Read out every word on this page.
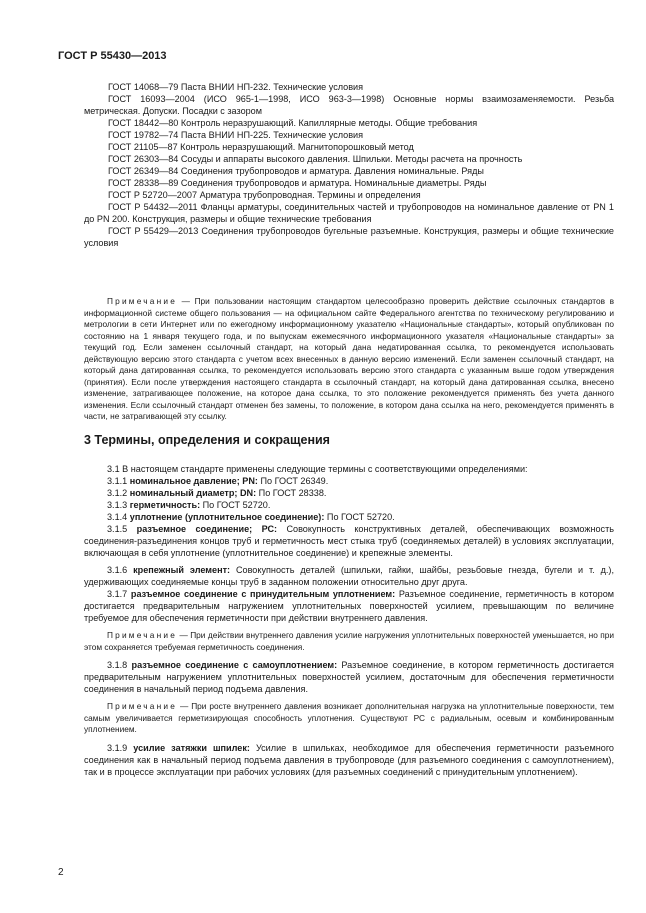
ГОСТ Р 55430—2013

ГОСТ 14068—79 Паста ВНИИ НП-232. Технические условия

ГОСТ 16093—2004 (ИСО 965-1—1998, ИСО 963-3—1998) Основные нормы взаимозаменяемости. Резьба метрическая. Допуски. Посадки с зазором

ГОСТ 18442—80 Контроль неразрушающий. Капиллярные методы. Общие требования

ГОСТ 19782—74 Паста ВНИИ НП-225. Технические условия

ГОСТ 21105—87 Контроль неразрушающий. Магнитопорошковый метод

ГОСТ 26303—84 Сосуды и аппараты высокого давления. Шпильки. Методы расчета на прочность

ГОСТ 26349—84 Соединения трубопроводов и арматура. Давления номинальные. Ряды

ГОСТ 28338—89 Соединения трубопроводов и арматура. Номинальные диаметры. Ряды

ГОСТ Р 52720—2007 Арматура трубопроводная. Термины и определения

ГОСТ Р 54432—2011 Фланцы арматуры, соединительных частей и трубопроводов на номинальное давление от PN 1 до PN 200. Конструкция, размеры и общие технические требования

ГОСТ Р 55429—2013 Соединения трубопроводов бугельные разъемные. Конструкция, размеры и общие технические условия

Примечание — При пользовании настоящим стандартом целесообразно проверить действие ссылочных стандартов в информационной системе общего пользования — на официальном сайте Федерального агентства по техническому регулированию и метрологии в сети Интернет или по ежегодному информационному указателю «Национальные стандарты», который опубликован по состоянию на 1 января текущего года, и по выпускам ежемесячного информационного указателя «Национальные стандарты» за текущий год. Если заменен ссылочный стандарт, на который дана недатированная ссылка, то рекомендуется использовать действующую версию этого стандарта с учетом всех внесенных в данную версию изменений. Если заменен ссылочный стандарт, на который дана датированная ссылка, то рекомендуется использовать версию этого стандарта с указанным выше годом утверждения (принятия). Если после утверждения настоящего стандарта в ссылочный стандарт, на который дана датированная ссылка, внесено изменение, затрагивающее положение, на которое дана ссылка, то это положение рекомендуется применять без учета данного изменения. Если ссылочный стандарт отменен без замены, то положение, в котором дана ссылка на него, рекомендуется применять в части, не затрагивающей эту ссылку.

3 Термины, определения и сокращения

3.1 В настоящем стандарте применены следующие термины с соответствующими определениями:

3.1.1 номинальное давление; PN: По ГОСТ 26349.

3.1.2 номинальный диаметр; DN: По ГОСТ 28338.

3.1.3 герметичность: По ГОСТ 52720.

3.1.4 уплотнение (уплотнительное соединение): По ГОСТ 52720.

3.1.5 разъемное соединение; РС: Совокупность конструктивных деталей, обеспечивающих возможность соединения-разъединения концов труб и герметичность мест стыка труб (соединяемых деталей) в условиях эксплуатации, включающая в себя уплотнение (уплотнительное соединение) и крепежные элементы.

3.1.6 крепежный элемент: Совокупность деталей (шпильки, гайки, шайбы, резьбовые гнезда, бугели и т. д.), удерживающих соединяемые концы труб в заданном положении относительно друг друга.

3.1.7 разъемное соединение с принудительным уплотнением: Разъемное соединение, герметичность в котором достигается предварительным нагружением уплотнительных поверхностей усилием, превышающим по величине требуемое для обеспечения герметичности при действии внутреннего давления.

Примечание — При действии внутреннего давления усилие нагружения уплотнительных поверхностей уменьшается, но при этом сохраняется требуемая герметичность соединения.

3.1.8 разъемное соединение с самоуплотнением: Разъемное соединение, в котором герметичность достигается предварительным нагружением уплотнительных поверхностей усилием, достаточным для обеспечения герметичности соединения в начальный период подъема давления.

Примечание — При росте внутреннего давления возникает дополнительная нагрузка на уплотнительные поверхности, тем самым увеличивается герметизирующая способность уплотнения. Существуют РС с радиальным, осевым и комбинированным уплотнением.

3.1.9 усилие затяжки шпилек: Усилие в шпильках, необходимое для обеспечения герметичности разъемного соединения как в начальный период подъема давления в трубопроводе (для разъемного соединения с самоуплотнением), так и в процессе эксплуатации при рабочих условиях (для разъемных соединений с принудительным уплотнением).

2
